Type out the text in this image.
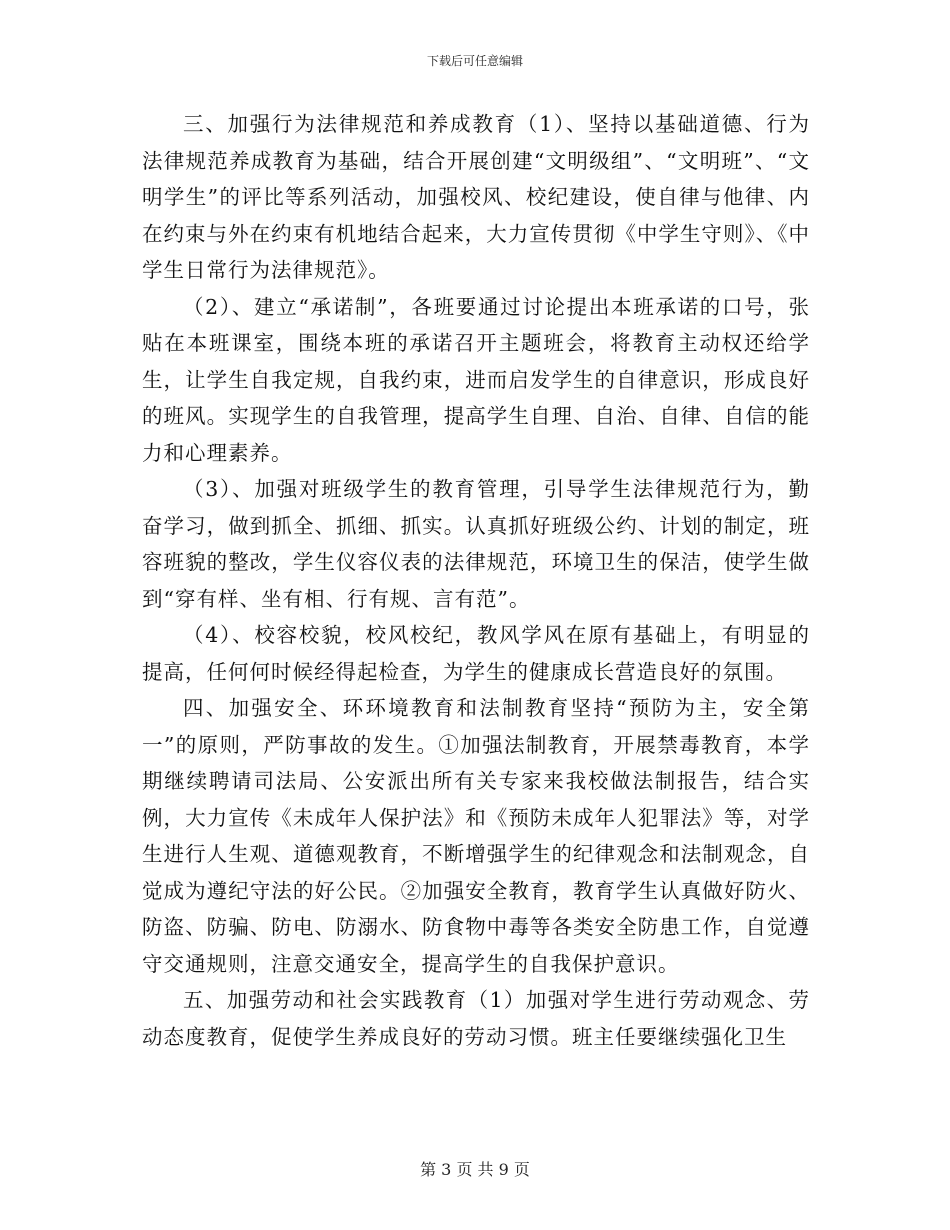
下载后可任意编辑

三、加强行为法律规范和养成教育（1）、坚持以基础道德、行为法律规范养成教育为基础，结合开展创建“文明级组”、“文明班”、“文明学生”的评比等系列活动，加强校风、校纪建设，使自律与他律、内在约束与外在约束有机地结合起来，大力宣传贯彻《中学生守则》、《中学生日常行为法律规范》。

（2）、建立“承诺制”，各班要通过讨论提出本班承诺的口号，张贴在本班课室，围绕本班的承诺召开主题班会，将教育主动权还给学生，让学生自我定规，自我约束，进而启发学生的自律意识，形成良好的班风。实现学生的自我管理，提高学生自理、自治、自律、自信的能力和心理素养。

（3）、加强对班级学生的教育管理，引导学生法律规范行为，勤奋学习，做到抓全、抓细、抓实。认真抓好班级公约、计划的制定，班容班貌的整改，学生仪容仪表的法律规范，环境卫生的保洁，使学生做到“穿有样、坐有相、行有规、言有范”。

（4）、校容校貌，校风校纪，教风学风在原有基础上，有明显的提高，任何何时候经得起检查，为学生的健康成长营造良好的氛围。

四、加强安全、环环境教育和法制教育坚持“预防为主，安全第一”的原则，严防事故的发生。①加强法制教育，开展禁毒教育，本学期继续聘请司法局、公安派出所有关专家来我校做法制报告，结合实例，大力宣传《未成年人保护法》和《预防未成年人犯罪法》等，对学生进行人生观、道德观教育，不断增强学生的纪律观念和法制观念，自觉成为遵纪守法的好公民。②加强安全教育，教育学生认真做好防火、防盗、防骗、防电、防溺水、防食物中毒等各类安全防患工作，自觉遵守交通规则，注意交通安全，提高学生的自我保护意识。

五、加强劳动和社会实践教育（1）加强对学生进行劳动观念、劳动态度教育，促使学生养成良好的劳动习惯。班主任要继续强化卫生

第 3 页 共 9 页
